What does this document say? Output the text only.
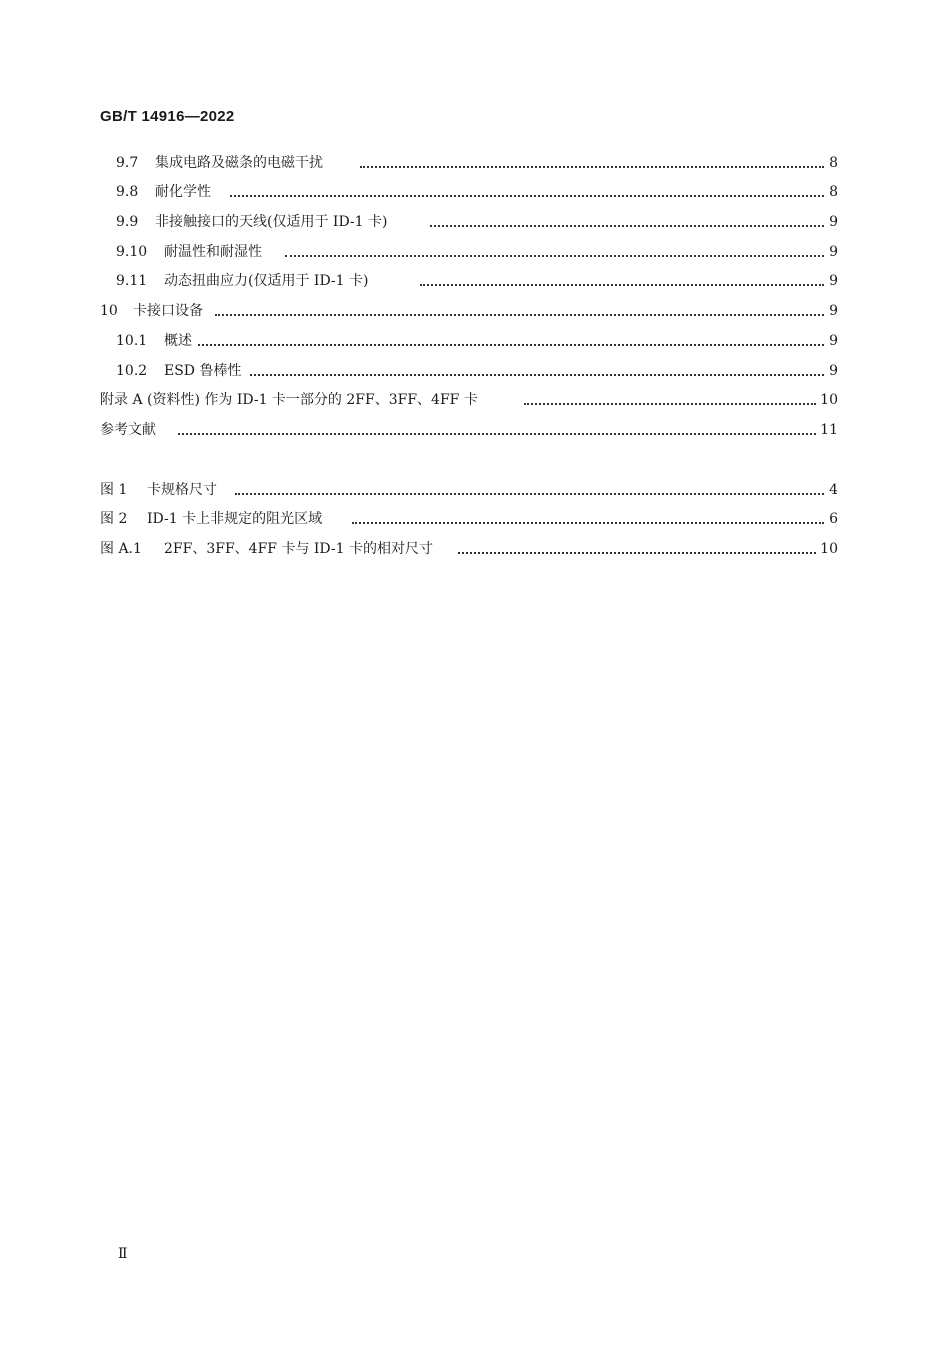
GB/T 14916—2022
9.7 集成电路及磁条的电磁干扰	8
9.8 耐化学性	8
9.9 非接触接口的天线(仅适用于 ID-1 卡)	9
9.10 耐温性和耐湿性	9
9.11 动态扭曲应力(仅适用于 ID-1 卡)	9
10 卡接口设备	9
10.1 概述	9
10.2 ESD 鲁棒性	9
附录 A (资料性) 作为 ID-1 卡一部分的 2FF、3FF、4FF 卡	10
参考文献	11
图 1 卡规格尺寸	4
图 2 ID-1 卡上非规定的阻光区域	6
图 A.1 2FF、3FF、4FF 卡与 ID-1 卡的相对尺寸	10
Ⅱ
